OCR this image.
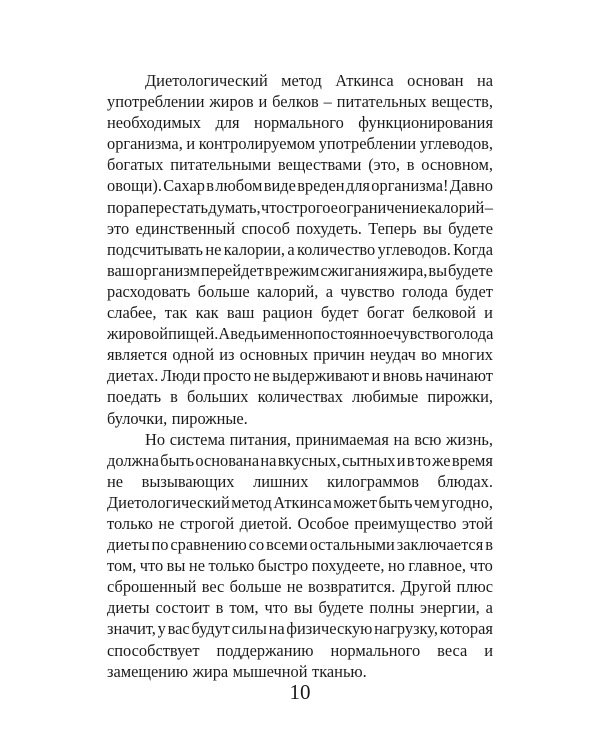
Диетологический метод Аткинса основан на
употреблении жиров и белков – питательных веществ,
необходимых для нормального функционирования
организма, и контролируемом употреблении углеводов,
богатых питательными веществами (это, в основном,
овощи). Сахар в любом виде вреден для организма! Давно
пора перестать думать, что строгое ограничение калорий –
это единственный способ похудеть. Теперь вы будете
подсчитывать не калории, а количество углеводов. Когда
ваш организм перейдет в режим сжигания жира, вы будете
расходовать больше калорий, а чувство голода будет
слабее, так как ваш рацион будет богат белковой и
жировой пищей. А ведь именно постоянное чувство голода
является одной из основных причин неудач во многих
диетах. Люди просто не выдерживают и вновь начинают
поедать в больших количествах любимые пирожки,
булочки, пирожные.
Но система питания, принимаемая на всю жизнь,
должна быть основана на вкусных, сытных и в то же время
не вызывающих лишних килограммов блюдах.
Диетологический метод Аткинса может быть чем угодно,
только не строгой диетой. Особое преимущество этой
диеты по сравнению со всеми остальными заключается в
том, что вы не только быстро похудеете, но главное, что
сброшенный вес больше не возвратится. Другой плюс
диеты состоит в том, что вы будете полны энергии, а
значит, у вас будут силы на физическую нагрузку, которая
способствует поддержанию нормального веса и
замещению жира мышечной тканью.
10
